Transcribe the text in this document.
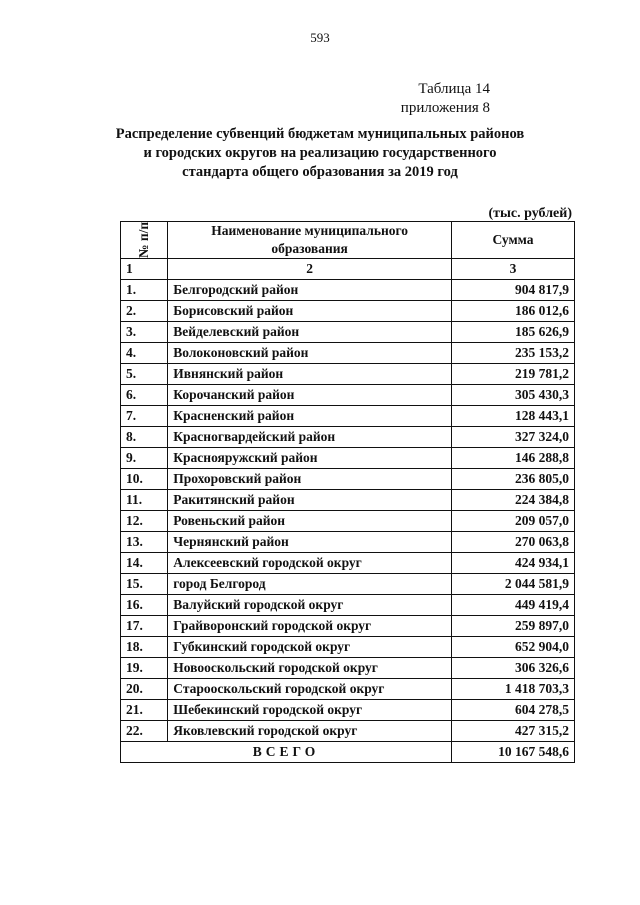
593
Таблица 14
приложения 8
Распределение субвенций бюджетам муниципальных районов и городских округов на реализацию государственного стандарта общего образования за 2019 год
(тыс. рублей)
№ п/п	Наименование муниципального образования	Сумма
1	2	3
1.	Белгородский район	904 817,9
2.	Борисовский район	186 012,6
3.	Вейделевский район	185 626,9
4.	Волоконовский район	235 153,2
5.	Ивнянский район	219 781,2
6.	Корочанский район	305 430,3
7.	Красненский район	128 443,1
8.	Красногвардейский район	327 324,0
9.	Краснояружский район	146 288,8
10.	Прохоровский район	236 805,0
11.	Ракитянский район	224 384,8
12.	Ровеньский район	209 057,0
13.	Чернянский район	270 063,8
14.	Алексеевский городской округ	424 934,1
15.	город Белгород	2 044 581,9
16.	Валуйский городской округ	449 419,4
17.	Грайворонский городской округ	259 897,0
18.	Губкинский городской округ	652 904,0
19.	Новооскольский городской округ	306 326,6
20.	Старооскольский городской округ	1 418 703,3
21.	Шебекинский городской округ	604 278,5
22.	Яковлевский городской округ	427 315,2
ВСЕГО		10 167 548,6
